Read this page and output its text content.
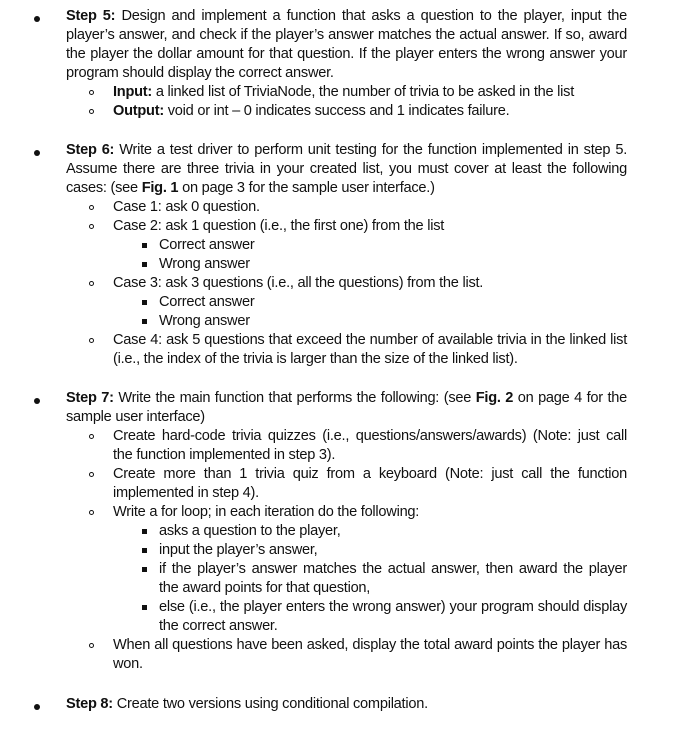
Step 5: Design and implement a function that asks a question to the player, input the
player’s answer, and check if the player’s answer matches the actual answer. If so, award
the player the dollar amount for that question. If the player enters the wrong answer your
program should display the correct answer.
Input: a linked list of TriviaNode, the number of trivia to be asked in the list
Output: void or int – 0 indicates success and 1 indicates failure.
Step 6: Write a test driver to perform unit testing for the function implemented in step 5.
Assume there are three trivia in your created list, you must cover at least the following
cases: (see Fig. 1 on page 3 for the sample user interface.)
Case 1: ask 0 question.
Case 2: ask 1 question (i.e., the first one) from the list
Correct answer
Wrong answer
Case 3: ask 3 questions (i.e., all the questions) from the list.
Correct answer
Wrong answer
Case 4: ask 5 questions that exceed the number of available trivia in the linked list
(i.e., the index of the trivia is larger than the size of the linked list).
Step 7: Write the main function that performs the following: (see Fig. 2 on page 4 for the
sample user interface)
Create hard-code trivia quizzes (i.e., questions/answers/awards) (Note: just call
the function implemented in step 3).
Create more than 1 trivia quiz from a keyboard (Note: just call the function
implemented in step 4).
Write a for loop; in each iteration do the following:
asks a question to the player,
input the player’s answer,
if the player’s answer matches the actual answer, then award the player
the award points for that question,
else (i.e., the player enters the wrong answer) your program should display
the correct answer.
When all questions have been asked, display the total award points the player has
won.
Step 8: Create two versions using conditional compilation.
